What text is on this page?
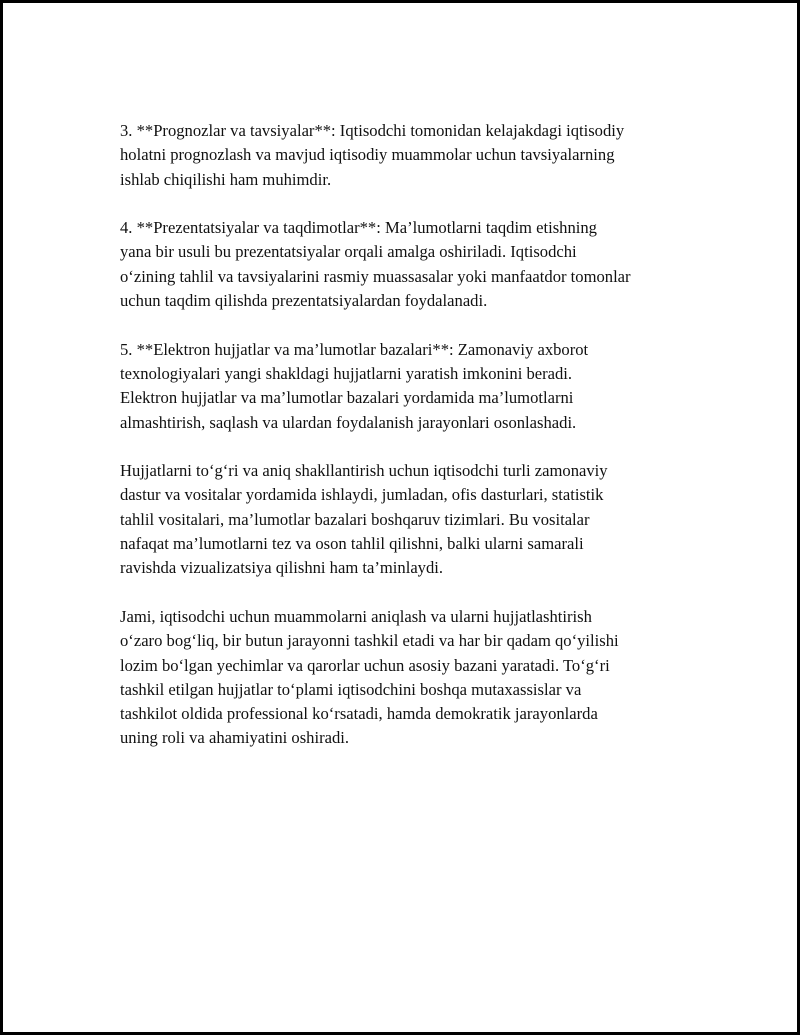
3. **Prognozlar va tavsiyalar**: Iqtisodchi tomonidan kelajakdagi iqtisodiy
holatni prognozlash va mavjud iqtisodiy muammolar uchun tavsiyalarning
ishlab chiqilishi ham muhimdir.

4. **Prezentatsiyalar va taqdimotlar**: Ma’lumotlarni taqdim etishning
yana bir usuli bu prezentatsiyalar orqali amalga oshiriladi. Iqtisodchi
o‘zining tahlil va tavsiyalarini rasmiy muassasalar yoki manfaatdor tomonlar
uchun taqdim qilishda prezentatsiyalardan foydalanadi.

5. **Elektron hujjatlar va ma’lumotlar bazalari**: Zamonaviy axborot
texnologiyalari yangi shakldagi hujjatlarni yaratish imkonini beradi.
Elektron hujjatlar va ma’lumotlar bazalari yordamida ma’lumotlarni
almashtirish, saqlash va ulardan foydalanish jarayonlari osonlashadi.

Hujjatlarni to‘g‘ri va aniq shakllantirish uchun iqtisodchi turli zamonaviy
dastur va vositalar yordamida ishlaydi, jumladan, ofis dasturlari, statistik
tahlil vositalari, ma’lumotlar bazalari boshqaruv tizimlari. Bu vositalar
nafaqat ma’lumotlarni tez va oson tahlil qilishni, balki ularni samarali
ravishda vizualizatsiya qilishni ham ta’minlaydi.

Jami, iqtisodchi uchun muammolarni aniqlash va ularni hujjatlashtirish
o‘zaro bog‘liq, bir butun jarayonni tashkil etadi va har bir qadam qo‘yilishi
lozim bo‘lgan yechimlar va qarorlar uchun asosiy bazani yaratadi. To‘g‘ri
tashkil etilgan hujjatlar to‘plami iqtisodchini boshqa mutaxassislar va
tashkilot oldida professional ko‘rsatadi, hamda demokratik jarayonlarda
uning roli va ahamiyatini oshiradi.
